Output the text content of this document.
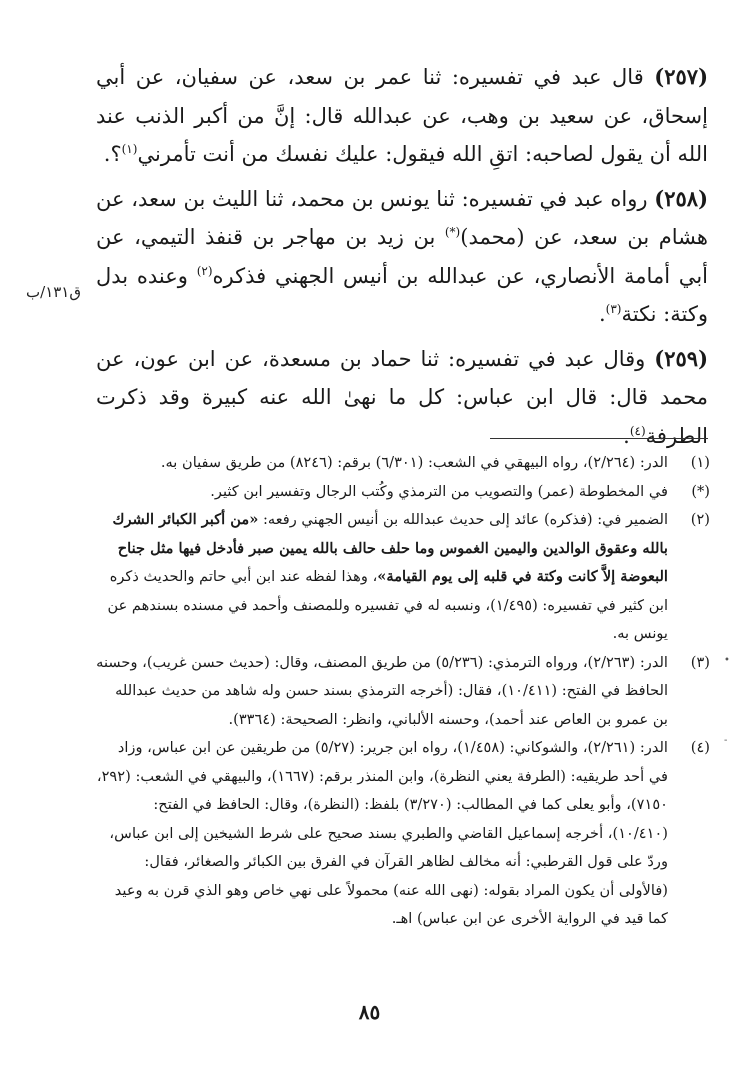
(٢٥٧) قال عبد في تفسيره: ثنا عمر بن سعد، عن سفيان، عن أبي إسحاق، عن سعيد بن وهب، عن عبدالله قال: إنَّ من أكبر الذنب عند الله أن يقول لصاحبه: اتقِ الله فيقول: عليك نفسك من أنت تأمرني$^{(١)}$؟.

(٢٥٨) رواه عبد في تفسيره: ثنا يونس بن محمد، ثنا الليث بن سعد، عن هشام بن سعد، عن (محمد)(*) بن زيد بن مهاجر بن قنفذ التيمي، عن أبي أمامة الأنصاري، عن عبدالله بن أنيس الجهني فذكره$^{(٢)}$ وعنده بدل وكتة: نكتة$^{(٣)}$.

(٢٥٩) وقال عبد في تفسيره: ثنا حماد بن مسعدة، عن ابن عون، عن محمد قال: قال ابن عباس: كل ما نهىٰ الله عنه كبيرة وقد ذكرت الطرفة$^{(٤)}$.

ق١٣١/ب
(١)
الدر: (٢/٢٦٤)، رواه البيهقي في الشعب: (٦/٣٠١) برقم: (٨٢٤٦) من طريق سفيان به.
(*)
في المخطوطة (عمر) والتصويب من الترمذي وكُتب الرجال وتفسير ابن كثير.
(٢)
الضمير في: (فذكره) عائد إلى حديث عبدالله بن أنيس الجهني رفعه: «من أكبر الكبائر الشرك بالله وعقوق الوالدين واليمين الغموس وما حلف حالف بالله يمين صبر فأدخل فيها مثل جناح البعوضة إلاَّ كانت وكتة في قلبه إلى يوم القيامة»، وهذا لفظه عند ابن أبي حاتم والحديث ذكره ابن كثير في تفسيره: (١/٤٩٥)، ونسبه له في تفسيره وللمصنف وأحمد في مسنده بسندهم عن يونس به.
(٣)
الدر: (٢/٢٦٣)، ورواه الترمذي: (٥/٢٣٦) من طريق المصنف، وقال: (حديث حسن غريب)، وحسنه الحافظ في الفتح: (١٠/٤١١)، فقال: (أخرجه الترمذي بسند حسن وله شاهد من حديث عبدالله بن عمرو بن العاص عند أحمد)، وحسنه الألباني، وانظر: الصحيحة: (٣٣٦٤).
(٤)
الدر: (٢/٢٦١)، والشوكاني: (١/٤٥٨)، رواه ابن جرير: (٥/٢٧) من طريقين عن ابن عباس، وزاد في أحد طريقيه: (الطرفة يعني النظرة)، وابن المنذر برقم: (١٦٦٧)، والبيهقي في الشعب: (٢٩٢، ٧١٥٠)، وأبو يعلى كما في المطالب: (٣/٢٧٠) بلفظ: (النظرة)، وقال: الحافظ في الفتح: (١٠/٤١٠)، أخرجه إسماعيل القاضي والطبري بسند صحيح على شرط الشيخين إلى ابن عباس، وردّ على قول القرطبي: أنه مخالف لظاهر القرآن في الفرق بين الكبائر والصغائر، فقال: (فالأولى أن يكون المراد بقوله: (نهى الله عنه) محمولاً على نهي خاص وهو الذي قرن به وعيد كما قيد في الرواية الأخرى عن ابن عباس) اهـ.
٨٥
•
-
